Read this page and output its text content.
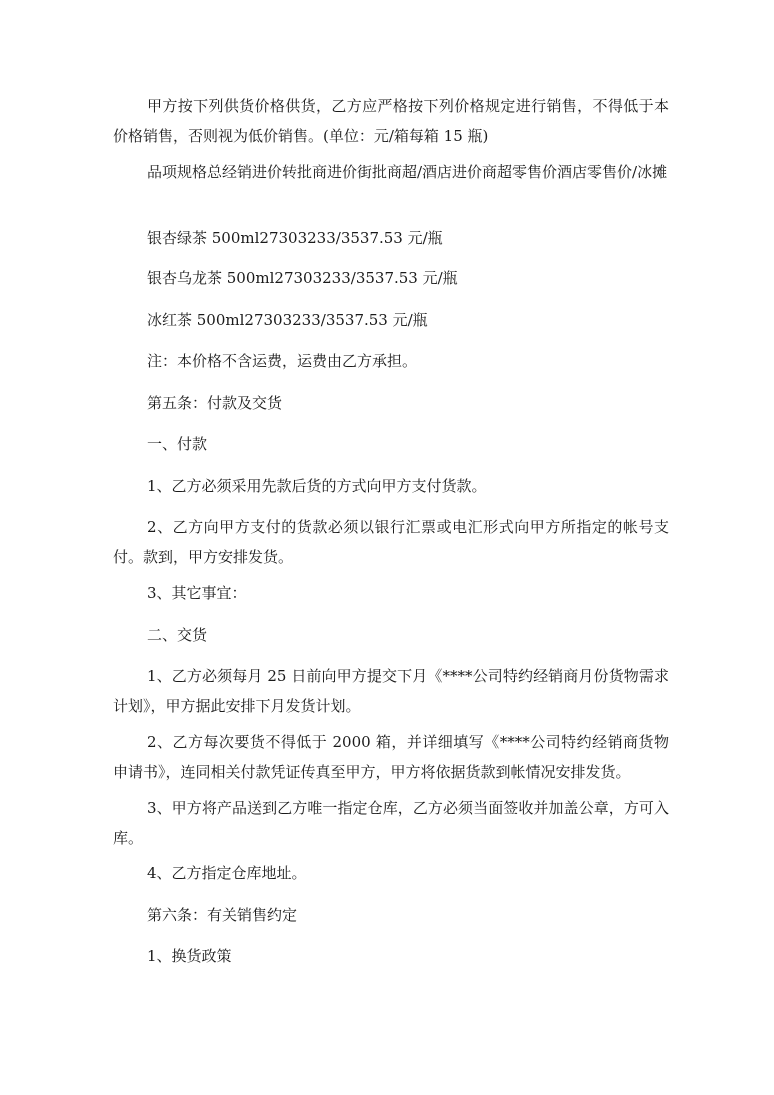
甲方按下列供货价格供货，乙方应严格按下列价格规定进行销售，不得低于本价格销售，否则视为低价销售。(单位：元/箱每箱 15 瓶)

品项规格总经销进价转批商进价街批商超/酒店进价商超零售价酒店零售价/冰摊

银杏绿茶 500ml27303233/3537.53 元/瓶

银杏乌龙茶 500ml27303233/3537.53 元/瓶

冰红茶 500ml27303233/3537.53 元/瓶

注：本价格不含运费，运费由乙方承担。

第五条：付款及交货

一、付款

1、乙方必须采用先款后货的方式向甲方支付货款。

2、乙方向甲方支付的货款必须以银行汇票或电汇形式向甲方所指定的帐号支付。款到，甲方安排发货。

3、其它事宜：

二、交货

1、乙方必须每月 25 日前向甲方提交下月《****公司特约经销商月份货物需求计划》，甲方据此安排下月发货计划。

2、乙方每次要货不得低于 2000 箱，并详细填写《****公司特约经销商货物申请书》，连同相关付款凭证传真至甲方，甲方将依据货款到帐情况安排发货。

3、甲方将产品送到乙方唯一指定仓库，乙方必须当面签收并加盖公章，方可入库。

4、乙方指定仓库地址。

第六条：有关销售约定

1、换货政策
